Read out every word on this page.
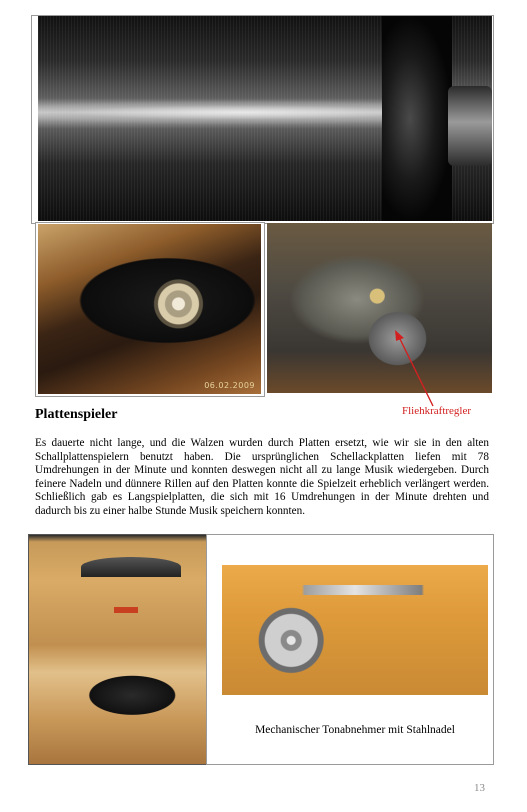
06.02.2009
Fliehkraftregler
Plattenspieler
Es dauerte nicht lange, und die Walzen wurden durch Platten ersetzt, wie wir sie in den alten Schallplattenspielern benutzt haben. Die ursprünglichen Schellackplatten liefen mit 78 Umdrehungen in der Minute und konnten deswegen nicht all zu lange Musik wiedergeben. Durch feinere Nadeln und dünnere Rillen auf den Platten konnte die Spielzeit erheblich verlängert werden. Schließlich gab es Langspielplatten, die sich mit 16 Umdrehungen in der Minute drehten und dadurch bis zu einer halbe Stunde Musik speichern konnten.
Mechanischer Tonabnehmer mit Stahlnadel
13
